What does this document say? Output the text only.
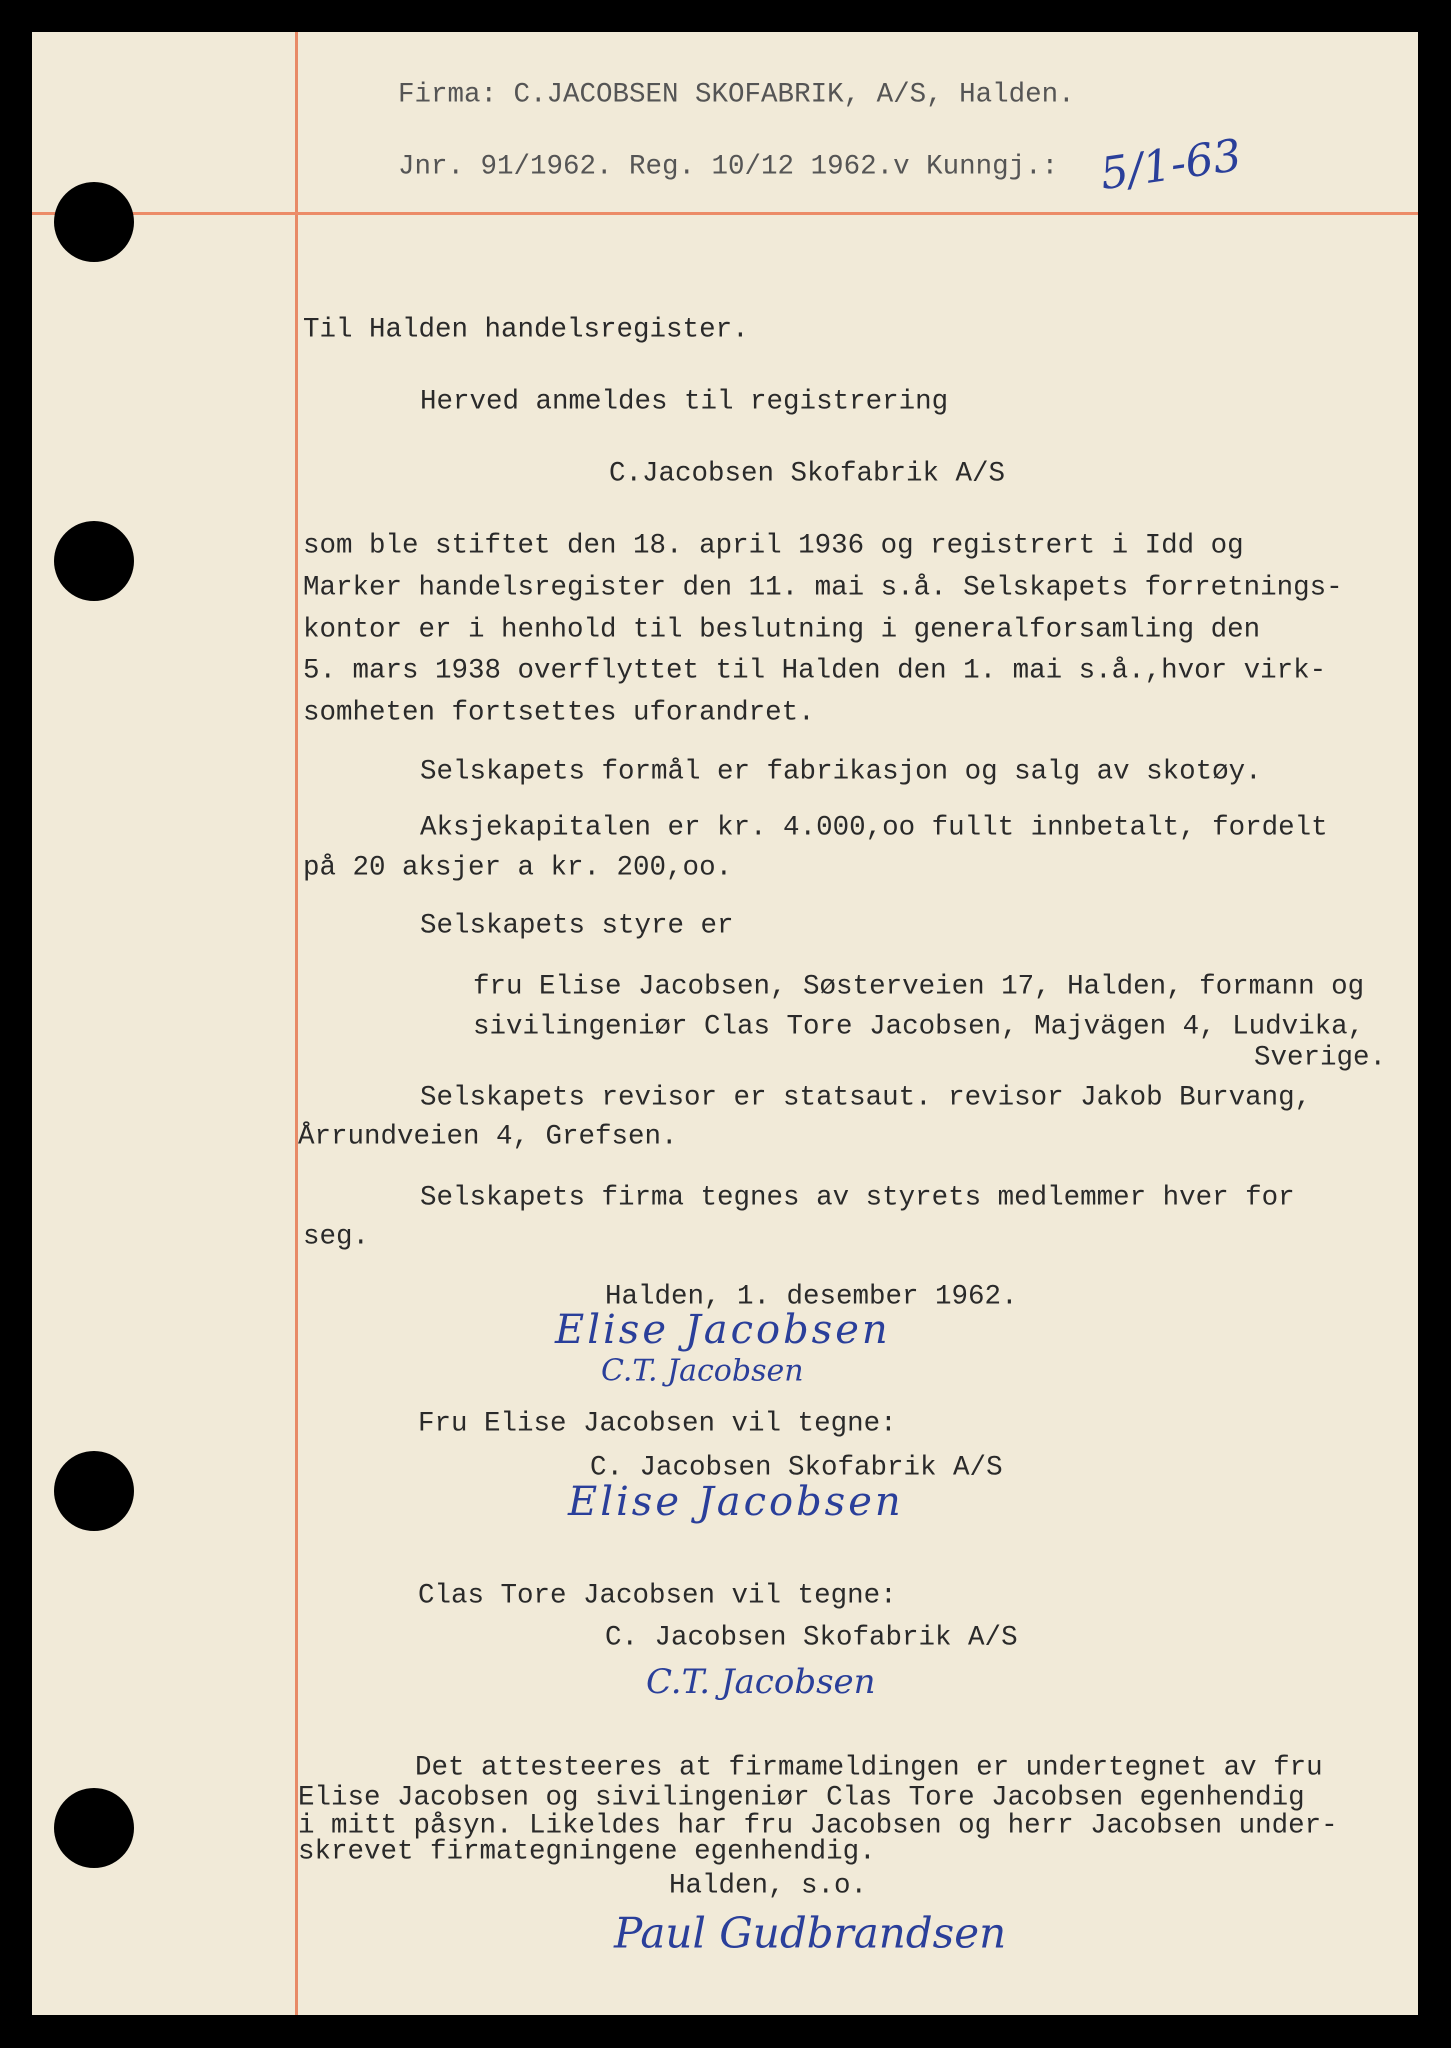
Firma: C.JACOBSEN SKOFABRIK, A/S, Halden.
Jnr. 91/1962. Reg. 10/12 1962.v Kunngj.: 5/1-63
Til Halden handelsregister.
Herved anmeldes til registrering
C.Jacobsen Skofabrik A/S
som ble stiftet den 18. april 1936 og registrert i Idd og
Marker handelsregister den 11. mai s.å. Selskapets forretnings-
kontor er i henhold til beslutning i generalforsamling den
5. mars 1938 overflyttet til Halden den 1. mai s.å.,hvor virk-
somheten fortsettes uforandret.
Selskapets formål er fabrikasjon og salg av skotøy.
Aksjekapitalen er kr. 4.000,oo fullt innbetalt, fordelt
på 20 aksjer a kr. 200,oo.
Selskapets styre er
fru Elise Jacobsen, Søsterveien 17, Halden, formann og
sivilingeniør Clas Tore Jacobsen, Majvägen 4, Ludvika,
Sverige.
Selskapets revisor er statsaut. revisor Jakob Burvang,
Årrundveien 4, Grefsen.
Selskapets firma tegnes av styrets medlemmer hver for
seg.
Halden, 1. desember 1962.
Elise Jacobsen
C.T. Jacobsen
Fru Elise Jacobsen vil tegne:
C. Jacobsen Skofabrik A/S
Elise Jacobsen
Clas Tore Jacobsen vil tegne:
C. Jacobsen Skofabrik A/S
C.T. Jacobsen
Det attesteeres at firmameldingen er undertegnet av fru
Elise Jacobsen og sivilingeniør Clas Tore Jacobsen egenhendig
i mitt påsyn. Likeldes har fru Jacobsen og herr Jacobsen under-
skrevet firmategningene egenhendig.
Halden, s.o.
Paul Gudbrandsen
